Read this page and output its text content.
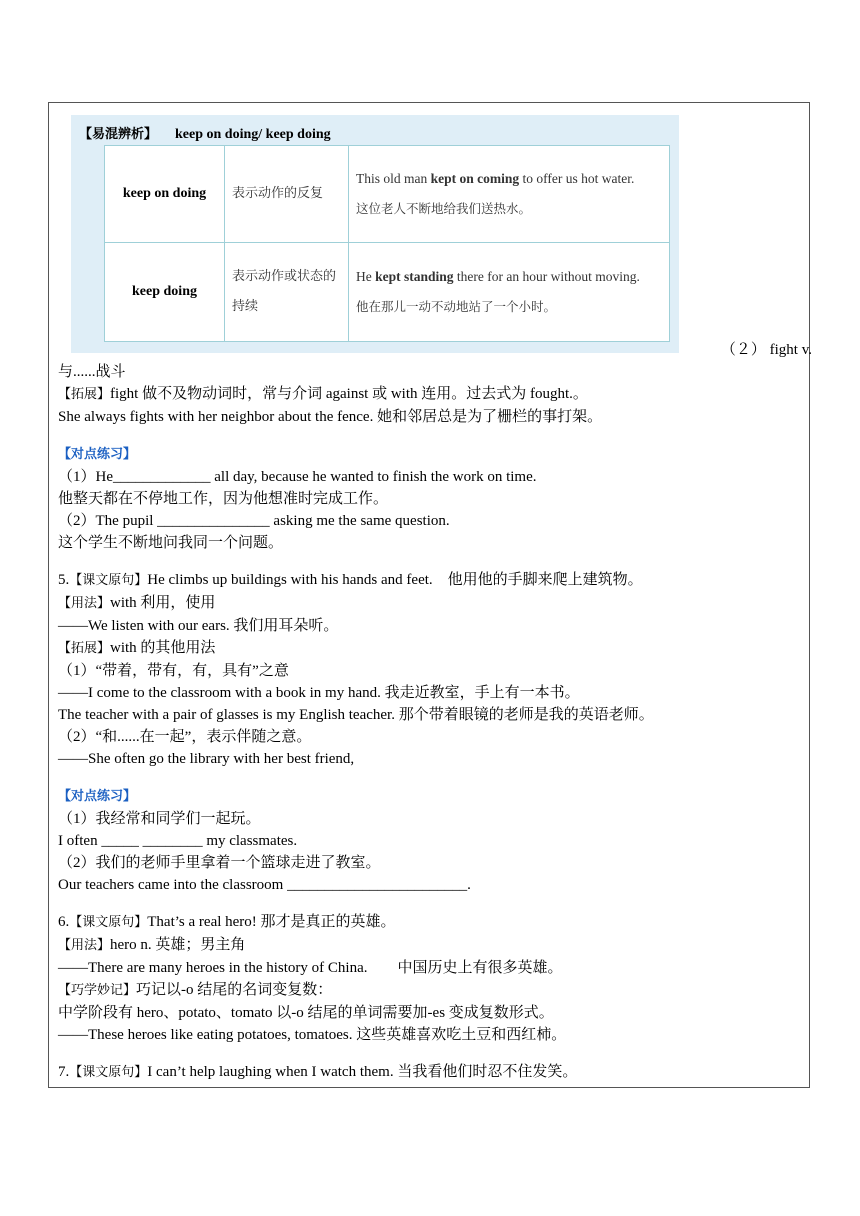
【易混辨析】 keep on doing/ keep doing
keep on doing	表示动作的反复	This old man kept on coming to offer us hot water.
这位老人不断地给我们送热水。
keep doing	表示动作或状态的持续	He kept standing there for an hour without moving.
他在那儿一动不动地站了一个小时。
（２） fight v.
与......战斗
【拓展】fight 做不及物动词时，常与介词 against 或 with 连用。过去式为 fought.。
She always fights with her neighbor about the fence. 她和邻居总是为了栅栏的事打架。
【对点练习】
（1）He_____________ all day, because he wanted to finish the work on time.
他整天都在不停地工作，因为他想准时完成工作。
（2）The pupil _______________ asking me the same question.
这个学生不断地问我同一个问题。
5.【课文原句】He climbs up buildings with his hands and feet.　他用他的手脚来爬上建筑物。
【用法】with 利用，使用
——We listen with our ears. 我们用耳朵听。
【拓展】with 的其他用法
（1）“带着，带有，有，具有”之意
——I come to the classroom with a book in my hand. 我走近教室，手上有一本书。
The teacher with a pair of glasses is my English teacher. 那个带着眼镜的老师是我的英语老师。
（2）“和......在一起”，表示伴随之意。
——She often go the library with her best friend,
【对点练习】
（1）我经常和同学们一起玩。
I often _____ ________ my classmates.
（2）我们的老师手里拿着一个篮球走进了教室。
Our teachers came into the classroom ________________________.
6.【课文原句】That’s a real hero! 那才是真正的英雄。
【用法】hero n. 英雄；男主角
——There are many heroes in the history of China.　　中国历史上有很多英雄。
【巧学妙记】巧记以-o 结尾的名词变复数：
中学阶段有 hero、potato、tomato 以-o 结尾的单词需要加-es 变成复数形式。
——These heroes like eating potatoes, tomatoes. 这些英雄喜欢吃土豆和西红柿。
7.【课文原句】I can’t help laughing when I watch them. 当我看他们时忍不住发笑。
